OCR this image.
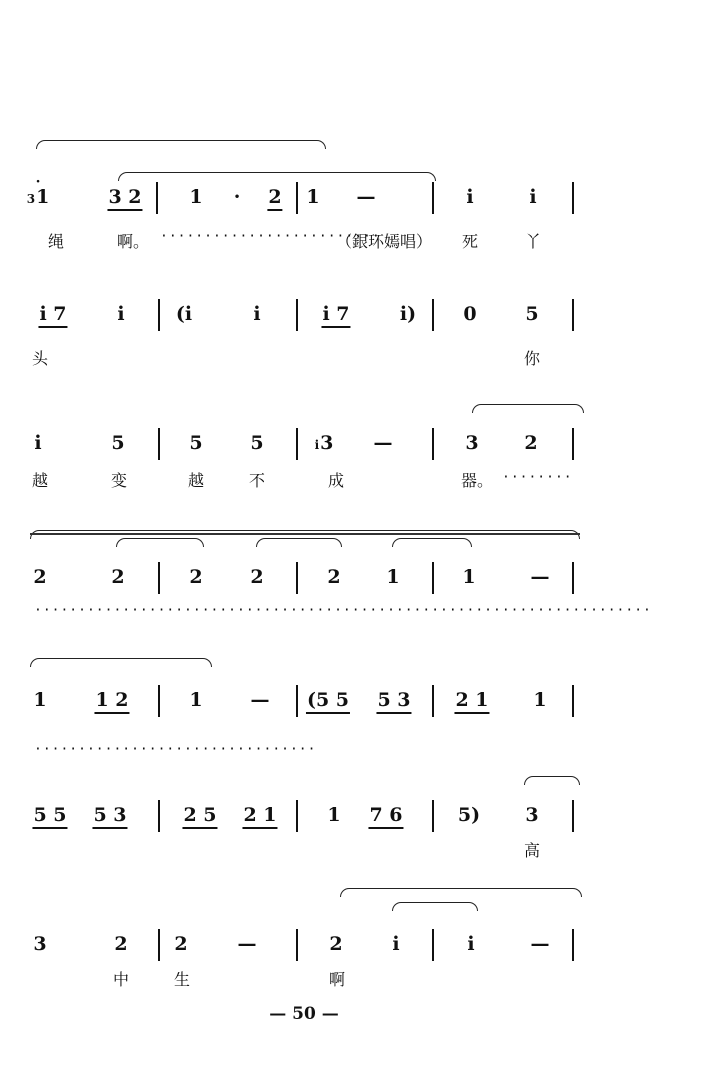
31
·
3 2	1 · 2 1 —	i	i
绳	啊。	（銀环嫣唱） 死	丫
·························
i 7	i	(i	i	i 7	i) 0	5
头	你
i	5	5	5	i3 —	3 2
越	变	越	不	成	器。 ········
2	2	2	2	2 1	1	—
······································································
1	1 2	1	— (5 5 5 3 2 1 1
································
5 5 5 3	2 5 2 1	1 7 6	5) 3
高
3	2 2	—	2	i	i	—
中	生	啊
— 50 —
